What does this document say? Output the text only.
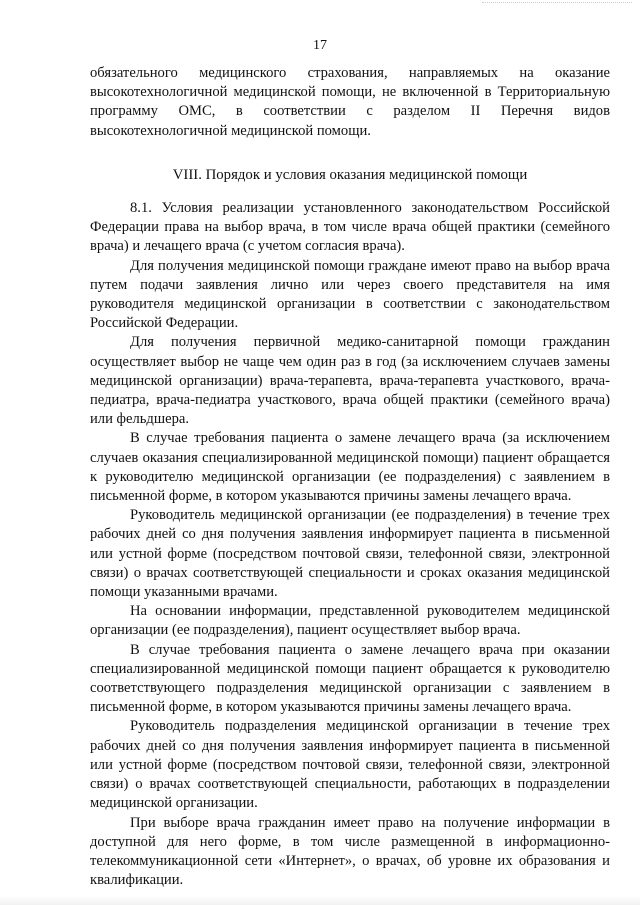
17

обязательного медицинского страхования, направляемых на оказание высокотехнологичной медицинской помощи, не включенной в Территориальную программу ОМС, в соответствии с разделом II Перечня видов высокотехнологичной медицинской помощи.

VIII. Порядок и условия оказания медицинской помощи

8.1. Условия реализации установленного законодательством Российской Федерации права на выбор врача, в том числе врача общей практики (семейного врача) и лечащего врача (с учетом согласия врача).

Для получения медицинской помощи граждане имеют право на выбор врача путем подачи заявления лично или через своего представителя на имя руководителя медицинской организации в соответствии с законодательством Российской Федерации.

Для получения первичной медико-санитарной помощи гражданин осуществляет выбор не чаще чем один раз в год (за исключением случаев замены медицинской организации) врача-терапевта, врача-терапевта участкового, врача-педиатра, врача-педиатра участкового, врача общей практики (семейного врача) или фельдшера.

В случае требования пациента о замене лечащего врача (за исключением случаев оказания специализированной медицинской помощи) пациент обращается к руководителю медицинской организации (ее подразделения) с заявлением в письменной форме, в котором указываются причины замены лечащего врача.

Руководитель медицинской организации (ее подразделения) в течение трех рабочих дней со дня получения заявления информирует пациента в письменной или устной форме (посредством почтовой связи, телефонной связи, электронной связи) о врачах соответствующей специальности и сроках оказания медицинской помощи указанными врачами.

На основании информации, представленной руководителем медицинской организации (ее подразделения), пациент осуществляет выбор врача.

В случае требования пациента о замене лечащего врача при оказании специализированной медицинской помощи пациент обращается к руководителю соответствующего подразделения медицинской организации с заявлением в письменной форме, в котором указываются причины замены лечащего врача.

Руководитель подразделения медицинской организации в течение трех рабочих дней со дня получения заявления информирует пациента в письменной или устной форме (посредством почтовой связи, телефонной связи, электронной связи) о врачах соответствующей специальности, работающих в подразделении медицинской организации.

При выборе врача гражданин имеет право на получение информации в доступной для него форме, в том числе размещенной в информационно-телекоммуникационной сети «Интернет», о врачах, об уровне их образования и квалификации.
